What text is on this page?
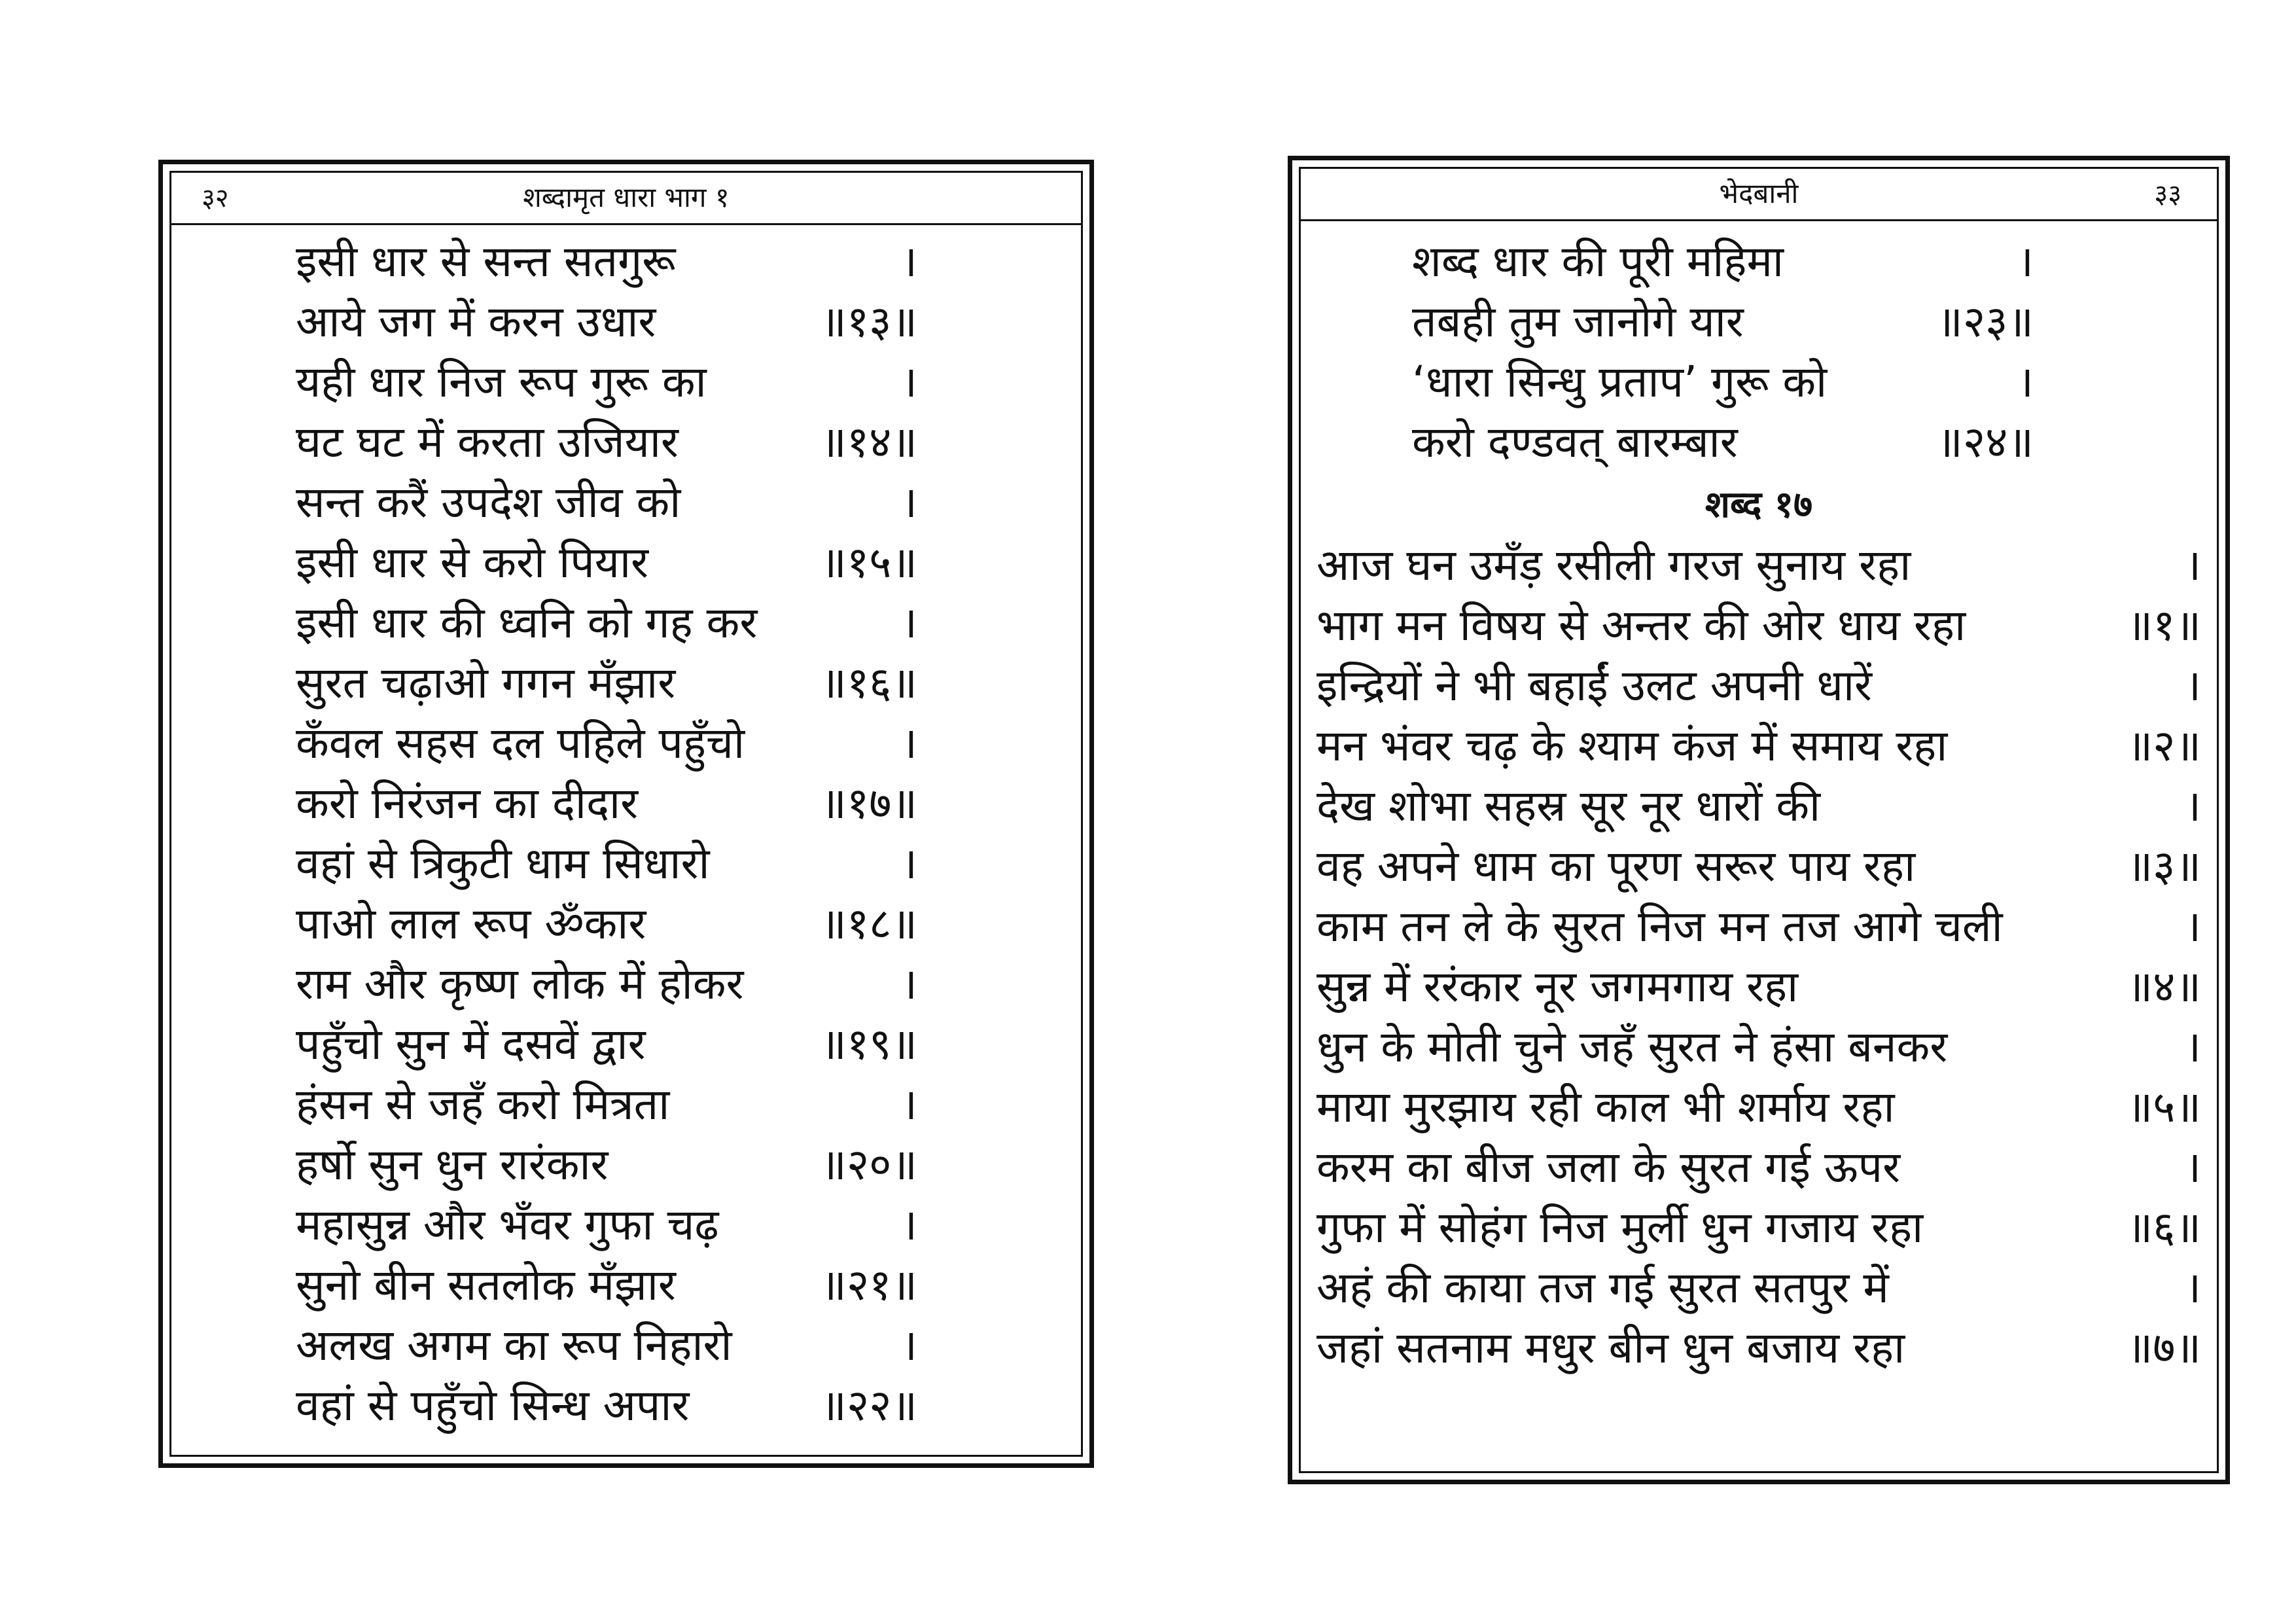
३२	शब्दामृत धारा भाग १
इसी धार से सन्त सतगुरू	।
आये जग में करन उधार	॥१३॥
यही धार निज रूप गुरू का	।
घट घट में करता उजियार	॥१४॥
सन्त करैं उपदेश जीव को	।
इसी धार से करो पियार	॥१५॥
इसी धार की ध्वनि को गह कर	।
सुरत चढ़ाओ गगन मँझार	॥१६॥
कँवल सहस दल पहिले पहुँचो	।
करो निरंजन का दीदार	॥१७॥
वहां से त्रिकुटी धाम सिधारो	।
पाओ लाल रूप ॐकार	॥१८॥
राम और कृष्ण लोक में होकर	।
पहुँचो सुन में दसवें द्वार	॥१९॥
हंसन से जहँ करो मित्रता	।
हर्षो सुन धुन रारंकार	॥२०॥
महासुन्न और भँवर गुफा चढ़	।
सुनो बीन सतलोक मँझार	॥२१॥
अलख अगम का रूप निहारो	।
वहां से पहुँचो सिन्ध अपार	॥२२॥
भेदबानी	३३
शब्द धार की पूरी महिमा	।
तबही तुम जानोगे यार	॥२३॥
‘धारा सिन्धु प्रताप’ गुरू को	।
करो दण्डवत् बारम्बार	॥२४॥
शब्द १७
आज घन उमँड़ रसीली गरज सुनाय रहा	।
भाग मन विषय से अन्तर की ओर धाय रहा	॥१॥
इन्द्रियों ने भी बहाईं उलट अपनी धारें	।
मन भंवर चढ़ के श्याम कंज में समाय रहा	॥२॥
देख शोभा सहस्र सूर नूर धारों की	।
वह अपने धाम का पूरण सरूर पाय रहा	॥३॥
काम तन ले के सुरत निज मन तज आगे चली	।
सुन्न में ररंकार नूर जगमगाय रहा	॥४॥
धुन के मोती चुने जहँ सुरत ने हंसा बनकर	।
माया मुरझाय रही काल भी शर्माय रहा	॥५॥
करम का बीज जला के सुरत गई ऊपर	।
गुफा में सोहंग निज मुर्ली धुन गजाय रहा	॥६॥
अहं की काया तज गई सुरत सतपुर में	।
जहां सतनाम मधुर बीन धुन बजाय रहा	॥७॥
